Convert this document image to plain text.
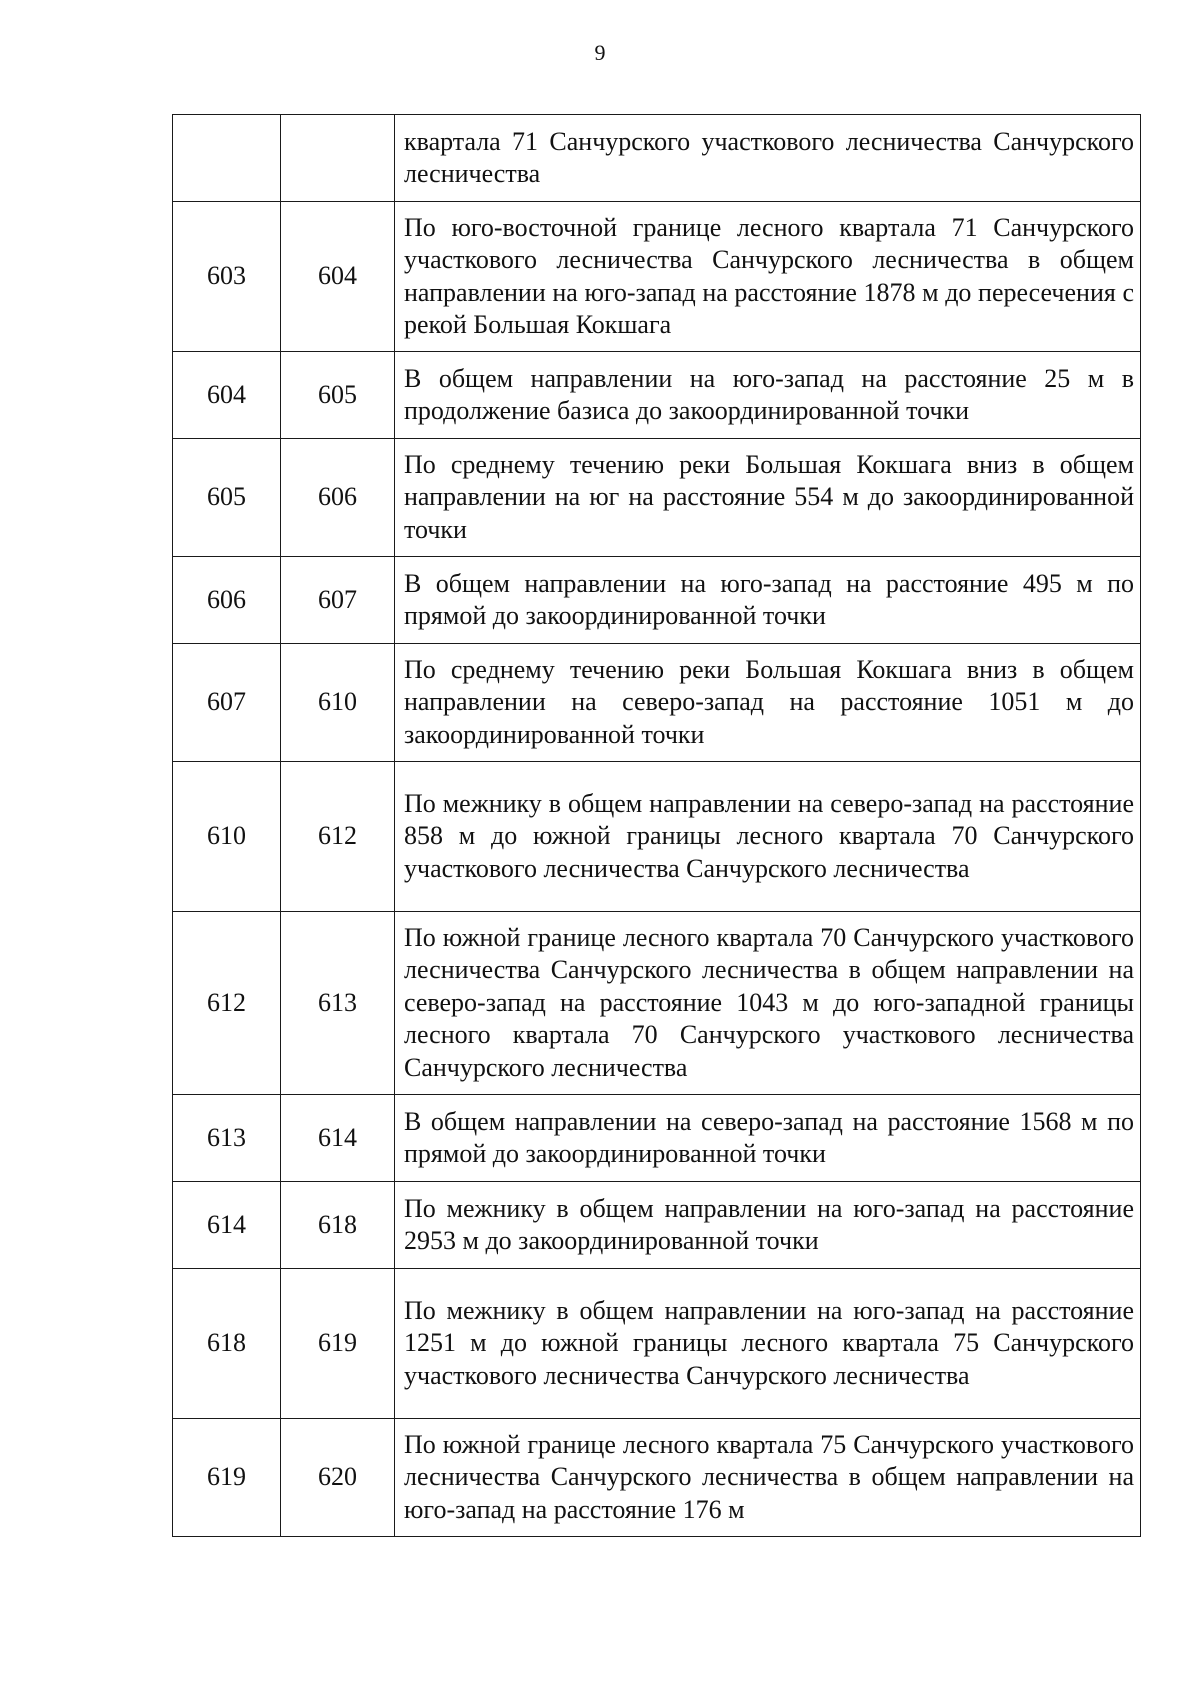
9
		квартала 71 Санчурского участкового лесничества Санчурского лесничества
603	604	По юго-восточной границе лесного квартала 71 Санчурского участкового лесничества Санчурского лесничества в общем направлении на юго-запад на расстояние 1878 м до пересечения с рекой Большая Кокшага
604	605	В общем направлении на юго-запад на расстояние 25 м в продолжение базиса до закоординированной точки
605	606	По среднему течению реки Большая Кокшага вниз в общем направлении на юг на расстояние 554 м до закоординированной точки
606	607	В общем направлении на юго-запад на расстояние 495 м по прямой до закоординированной точки
607	610	По среднему течению реки Большая Кокшага вниз в общем направлении на северо-запад на расстояние 1051 м до закоординированной точки
610	612	По межнику в общем направлении на северо-запад на расстояние 858 м до южной границы лесного квартала 70 Санчурского участкового лесничества Санчурского лесничества
612	613	По южной границе лесного квартала 70 Санчурского участкового лесничества Санчурского лесничества в общем направлении на северо-запад на расстояние 1043 м до юго-западной границы лесного квартала 70 Санчурского участкового лесничества Санчурского лесничества
613	614	В общем направлении на северо-запад на расстояние 1568 м по прямой до закоординированной точки
614	618	По межнику в общем направлении на юго-запад на расстояние 2953 м до закоординированной точки
618	619	По межнику в общем направлении на юго-запад на расстояние 1251 м до южной границы лесного квартала 75 Санчурского участкового лесничества Санчурского лесничества
619	620	По южной границе лесного квартала 75 Санчурского участкового лесничества Санчурского лесничества в общем направлении на юго-запад на расстояние 176 м
